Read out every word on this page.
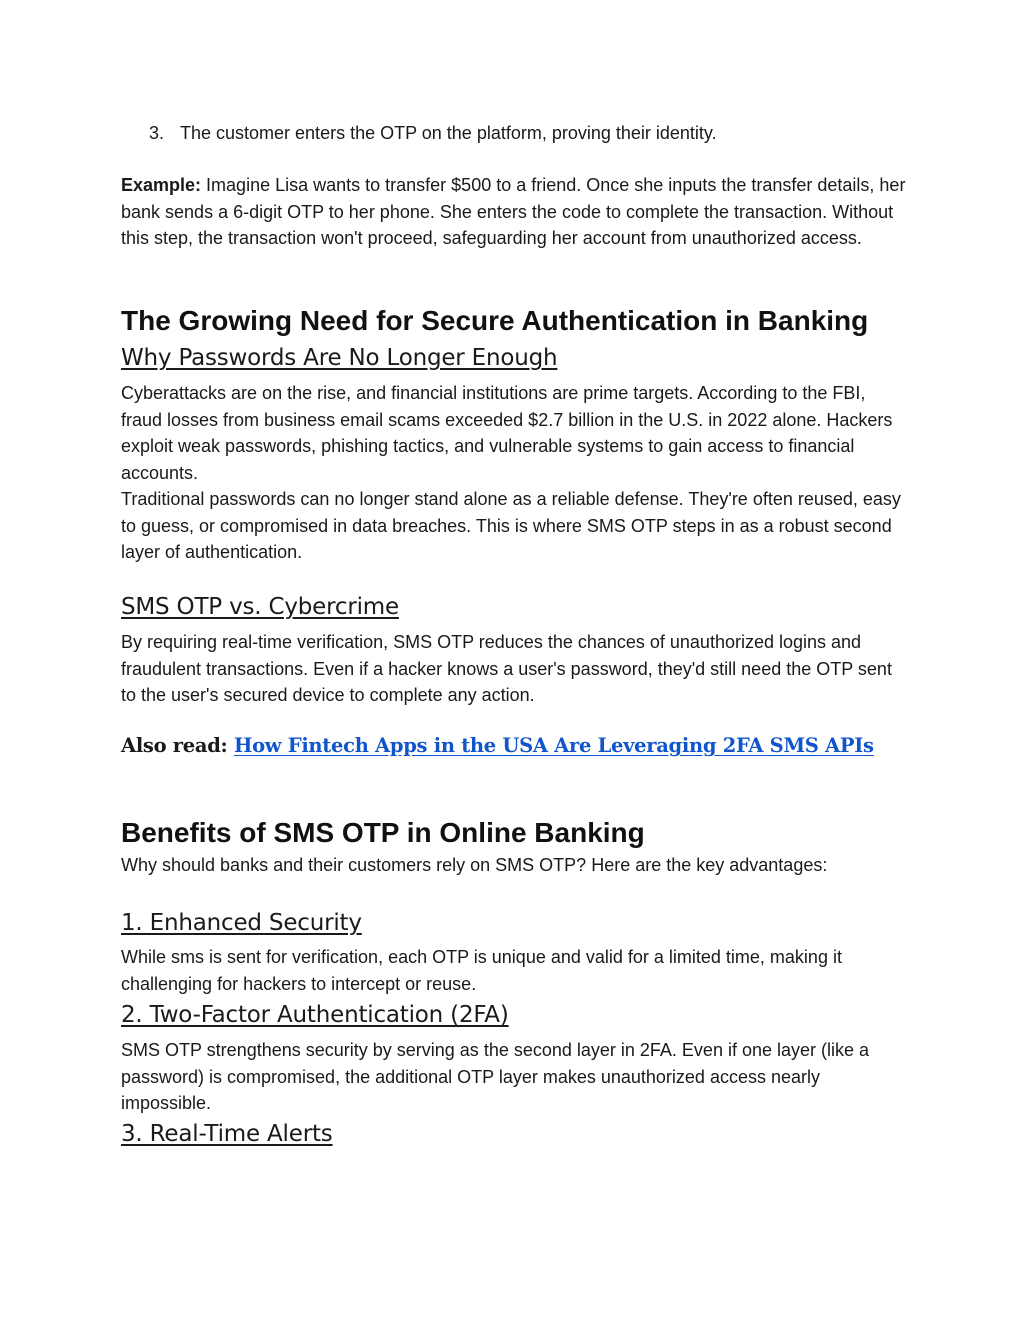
3. The customer enters the OTP on the platform, proving their identity.

Example: Imagine Lisa wants to transfer $500 to a friend. Once she inputs the transfer details, her bank sends a 6-digit OTP to her phone. She enters the code to complete the transaction. Without this step, the transaction won't proceed, safeguarding her account from unauthorized access.

The Growing Need for Secure Authentication in Banking
Why Passwords Are No Longer Enough

Cyberattacks are on the rise, and financial institutions are prime targets. According to the FBI, fraud losses from business email scams exceeded $2.7 billion in the U.S. in 2022 alone. Hackers exploit weak passwords, phishing tactics, and vulnerable systems to gain access to financial accounts.

Traditional passwords can no longer stand alone as a reliable defense. They're often reused, easy to guess, or compromised in data breaches. This is where SMS OTP steps in as a robust second layer of authentication.

SMS OTP vs. Cybercrime

By requiring real-time verification, SMS OTP reduces the chances of unauthorized logins and fraudulent transactions. Even if a hacker knows a user's password, they'd still need the OTP sent to the user's secured device to complete any action.

Also read: How Fintech Apps in the USA Are Leveraging 2FA SMS APIs

Benefits of SMS OTP in Online Banking

Why should banks and their customers rely on SMS OTP? Here are the key advantages:

1. Enhanced Security

While sms is sent for verification, each OTP is unique and valid for a limited time, making it challenging for hackers to intercept or reuse.

2. Two-Factor Authentication (2FA)

SMS OTP strengthens security by serving as the second layer in 2FA. Even if one layer (like a password) is compromised, the additional OTP layer makes unauthorized access nearly impossible.

3. Real-Time Alerts
